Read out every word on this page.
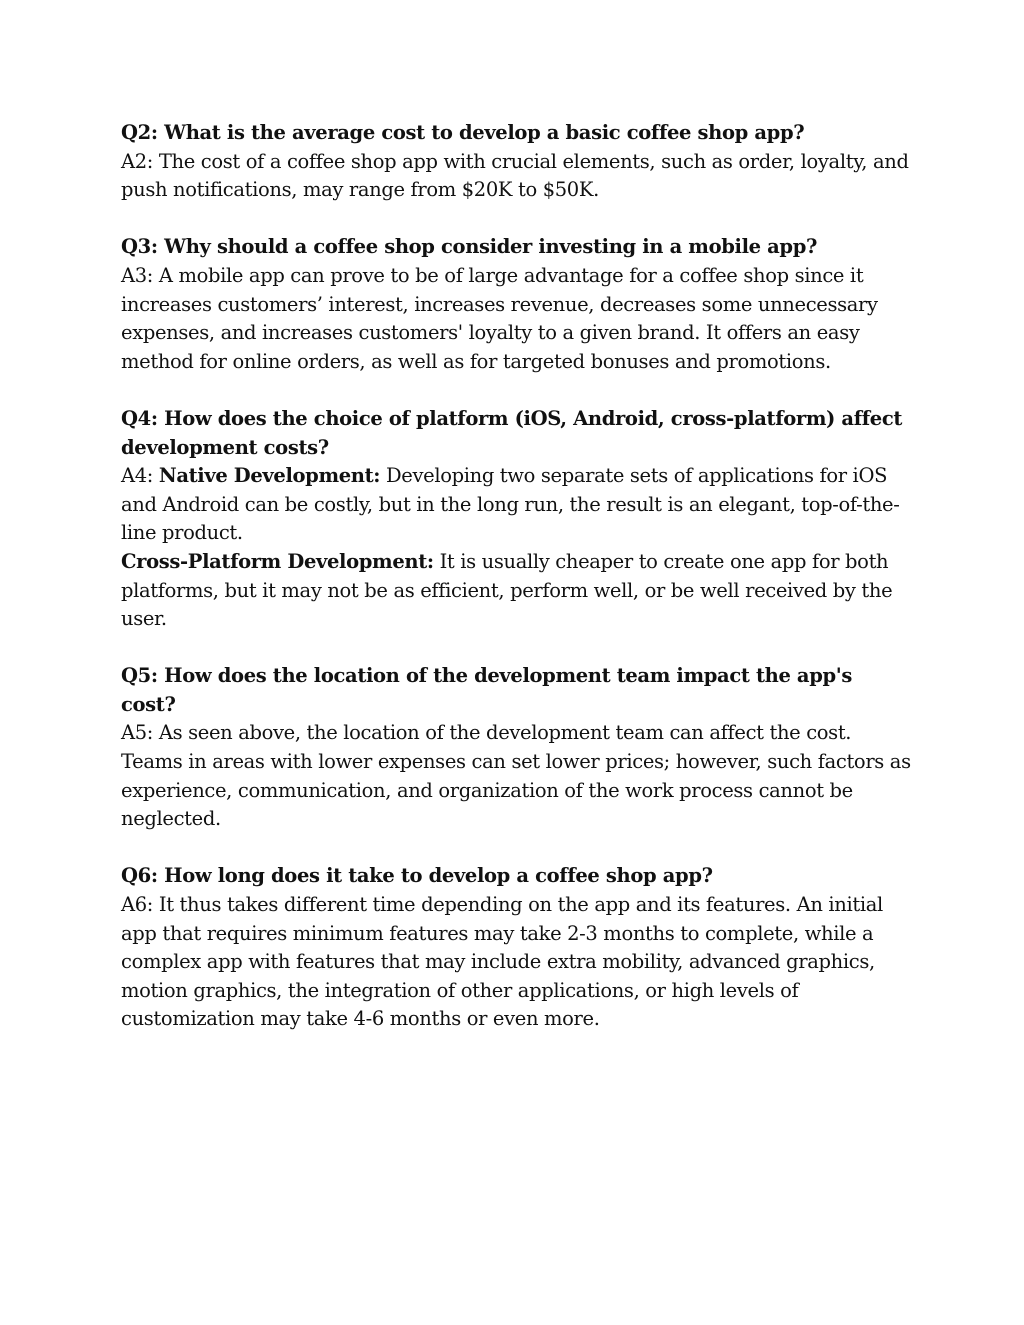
Q2: What is the average cost to develop a basic coffee shop app?

A2: The cost of a coffee shop app with crucial elements, such as order, loyalty, and push notifications, may range from $20K to $50K.

Q3: Why should a coffee shop consider investing in a mobile app?

A3: A mobile app can prove to be of large advantage for a coffee shop since it increases customers’ interest, increases revenue, decreases some unnecessary expenses, and increases customers' loyalty to a given brand. It offers an easy method for online orders, as well as for targeted bonuses and promotions.

Q4: How does the choice of platform (iOS, Android, cross-platform) affect development costs?

A4: Native Development: Developing two separate sets of applications for iOS and Android can be costly, but in the long run, the result is an elegant, top-of-the-line product.

Cross-Platform Development: It is usually cheaper to create one app for both platforms, but it may not be as efficient, perform well, or be well received by the user.

Q5: How does the location of the development team impact the app's cost?

A5: As seen above, the location of the development team can affect the cost. Teams in areas with lower expenses can set lower prices; however, such factors as experience, communication, and organization of the work process cannot be neglected.

Q6: How long does it take to develop a coffee shop app?

A6: It thus takes different time depending on the app and its features. An initial app that requires minimum features may take 2-3 months to complete, while a complex app with features that may include extra mobility, advanced graphics, motion graphics, the integration of other applications, or high levels of customization may take 4-6 months or even more.
